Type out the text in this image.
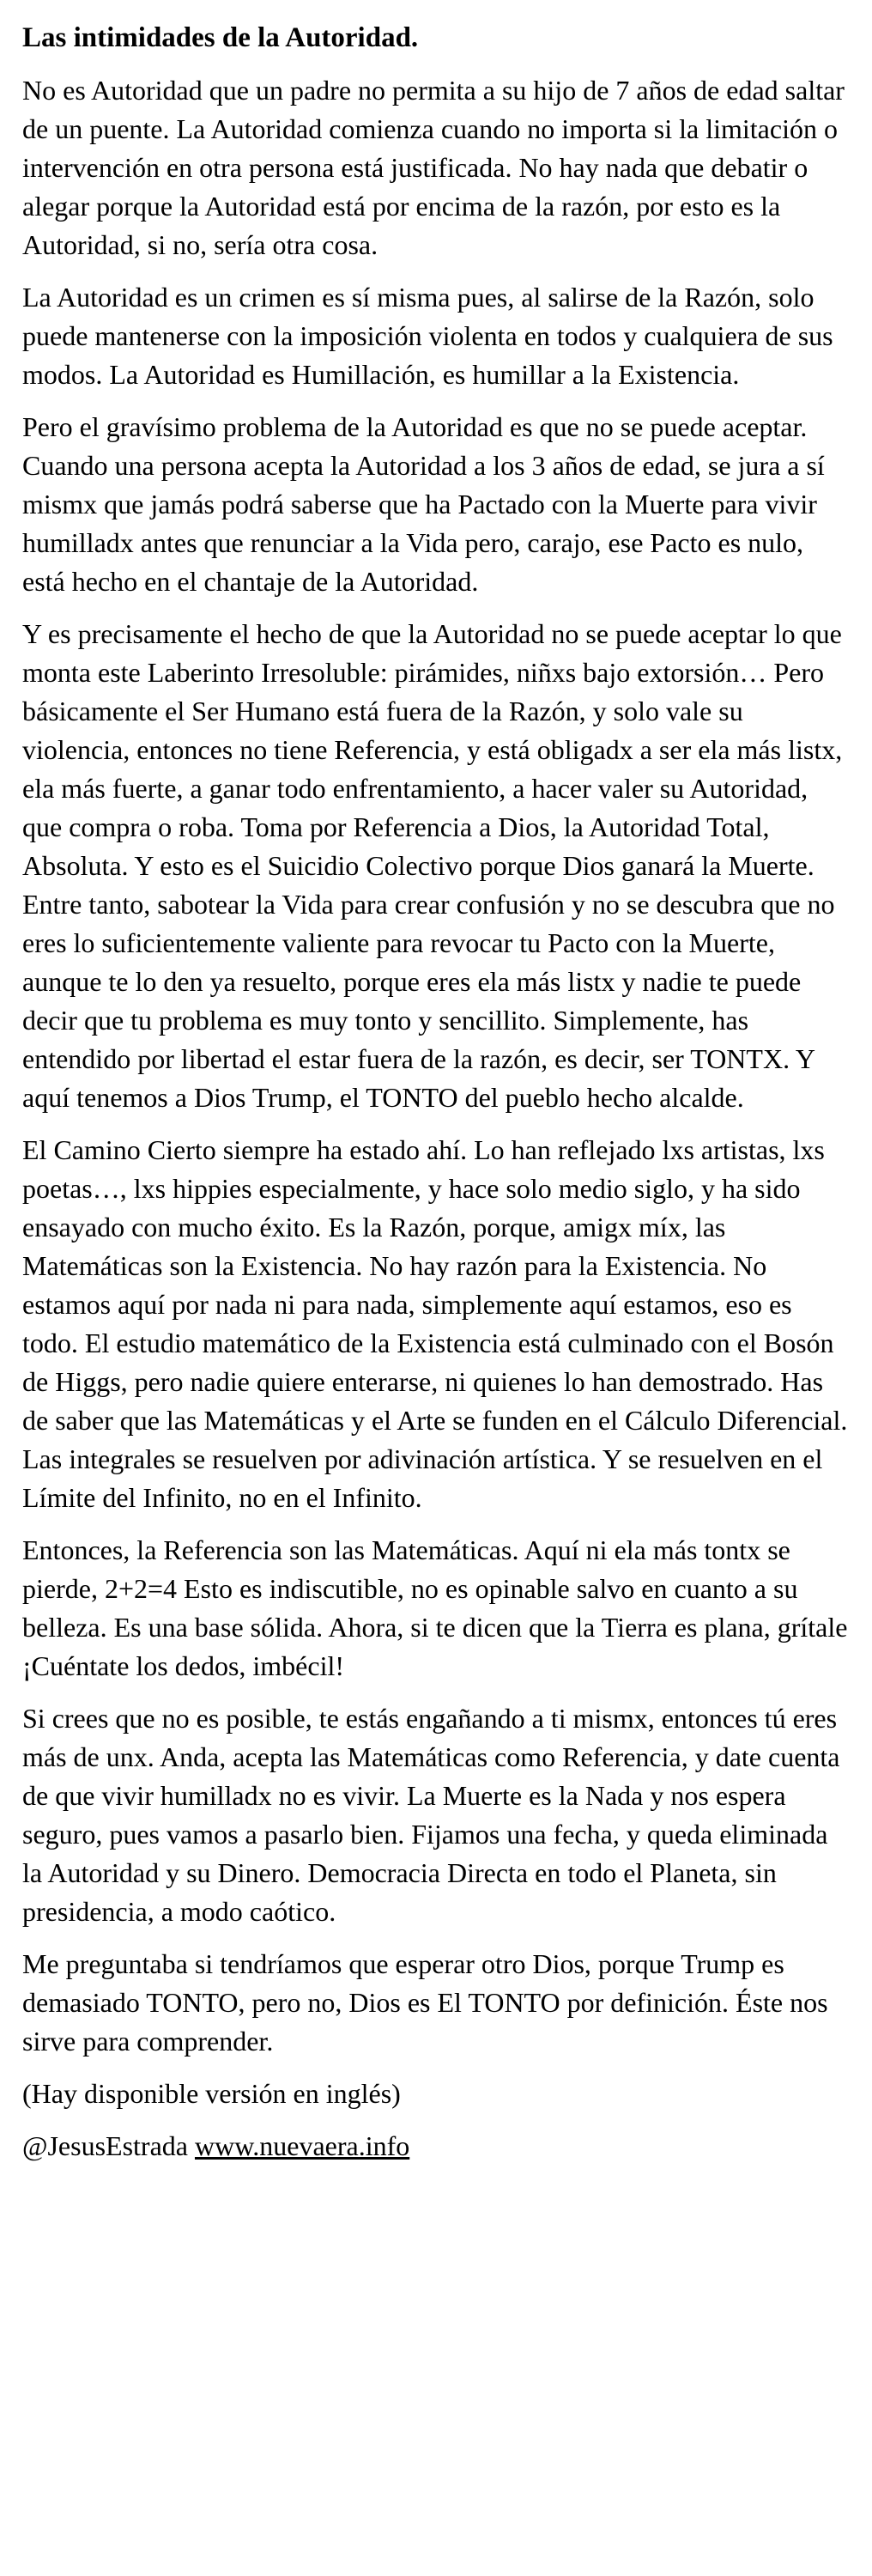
Las intimidades de la Autoridad.

No es Autoridad que un padre no permita a su hijo de 7 años de edad saltar de un puente. La Autoridad comienza cuando no importa si la limitación o intervención en otra persona está justificada. No hay nada que debatir o alegar porque la Autoridad está por encima de la razón, por esto es la Autoridad, si no, sería otra cosa.

La Autoridad es un crimen es sí misma pues, al salirse de la Razón, solo puede mantenerse con la imposición violenta en todos y cualquiera de sus modos. La Autoridad es Humillación, es humillar a la Existencia.

Pero el gravísimo problema de la Autoridad es que no se puede aceptar. Cuando una persona acepta la Autoridad a los 3 años de edad, se jura a sí mismx que jamás podrá saberse que ha Pactado con la Muerte para vivir humilladx antes que renunciar a la Vida pero, carajo, ese Pacto es nulo, está hecho en el chantaje de la Autoridad.

Y es precisamente el hecho de que la Autoridad no se puede aceptar lo que monta este Laberinto Irresoluble: pirámides, niñxs bajo extorsión… Pero básicamente el Ser Humano está fuera de la Razón, y solo vale su violencia, entonces no tiene Referencia, y está obligadx a ser ela más listx, ela más fuerte, a ganar todo enfrentamiento, a hacer valer su Autoridad, que compra o roba. Toma por Referencia a Dios, la Autoridad Total, Absoluta. Y esto es el Suicidio Colectivo porque Dios ganará la Muerte. Entre tanto, sabotear la Vida para crear confusión y no se descubra que no eres lo suficientemente valiente para revocar tu Pacto con la Muerte, aunque te lo den ya resuelto, porque eres ela más listx y nadie te puede decir que tu problema es muy tonto y sencillito. Simplemente, has entendido por libertad el estar fuera de la razón, es decir, ser TONTX. Y aquí tenemos a Dios Trump, el TONTO del pueblo hecho alcalde.

El Camino Cierto siempre ha estado ahí. Lo han reflejado lxs artistas, lxs poetas…, lxs hippies especialmente, y hace solo medio siglo, y ha sido ensayado con mucho éxito. Es la Razón, porque, amigx míx, las Matemáticas son la Existencia. No hay razón para la Existencia. No estamos aquí por nada ni para nada, simplemente aquí estamos, eso es todo. El estudio matemático de la Existencia está culminado con el Bosón de Higgs, pero nadie quiere enterarse, ni quienes lo han demostrado. Has de saber que las Matemáticas y el Arte se funden en el Cálculo Diferencial. Las integrales se resuelven por adivinación artística. Y se resuelven en el Límite del Infinito, no en el Infinito.

Entonces, la Referencia son las Matemáticas. Aquí ni ela más tontx se pierde, 2+2=4 Esto es indiscutible, no es opinable salvo en cuanto a su belleza. Es una base sólida. Ahora, si te dicen que la Tierra es plana, grítale ¡Cuéntate los dedos, imbécil!

Si crees que no es posible, te estás engañando a ti mismx, entonces tú eres más de unx. Anda, acepta las Matemáticas como Referencia, y date cuenta de que vivir humilladx no es vivir. La Muerte es la Nada y nos espera seguro, pues vamos a pasarlo bien. Fijamos una fecha, y queda eliminada la Autoridad y su Dinero. Democracia Directa en todo el Planeta, sin presidencia, a modo caótico.

Me preguntaba si tendríamos que esperar otro Dios, porque Trump es demasiado TONTO, pero no, Dios es El TONTO por definición. Éste nos sirve para comprender.

(Hay disponible versión en inglés)

@JesusEstrada www.nuevaera.info
